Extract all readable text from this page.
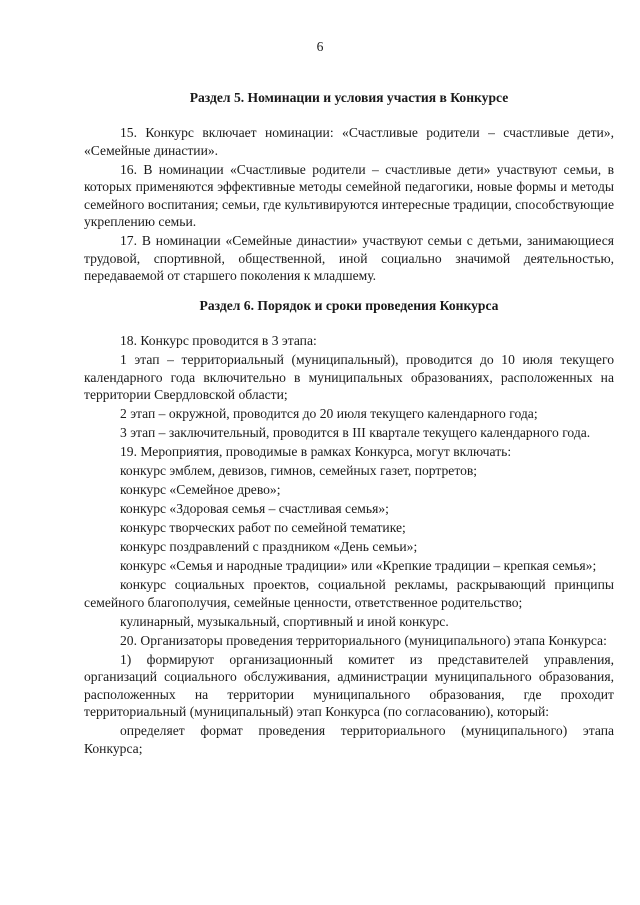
6
Раздел 5. Номинации и условия участия в Конкурсе

15. Конкурс включает номинации: «Счастливые родители – счастливые дети», «Семейные династии».

16. В номинации «Счастливые родители – счастливые дети» участвуют семьи, в которых применяются эффективные методы семейной педагогики, новые формы и методы семейного воспитания; семьи, где культивируются интересные традиции, способствующие укреплению семьи.

17. В номинации «Семейные династии» участвуют семьи с детьми, занимающиеся трудовой, спортивной, общественной, иной социально значимой деятельностью, передаваемой от старшего поколения к младшему.

Раздел 6. Порядок и сроки проведения Конкурса

18. Конкурс проводится в 3 этапа:

1 этап – территориальный (муниципальный), проводится до 10 июля текущего календарного года включительно в муниципальных образованиях, расположенных на территории Свердловской области;

2 этап – окружной, проводится до 20 июля текущего календарного года;

3 этап – заключительный, проводится в III квартале текущего календарного года.

19. Мероприятия, проводимые в рамках Конкурса, могут включать:

конкурс эмблем, девизов, гимнов, семейных газет, портретов;

конкурс «Семейное древо»;

конкурс «Здоровая семья – счастливая семья»;

конкурс творческих работ по семейной тематике;

конкурс поздравлений с праздником «День семьи»;

конкурс «Семья и народные традиции» или «Крепкие традиции – крепкая семья»;

конкурс социальных проектов, социальной рекламы, раскрывающий принципы семейного благополучия, семейные ценности, ответственное родительство;

кулинарный, музыкальный, спортивный и иной конкурс.

20. Организаторы проведения территориального (муниципального) этапа Конкурса:

1) формируют организационный комитет из представителей управления, организаций социального обслуживания, администрации муниципального образования, расположенных на территории муниципального образования, где проходит территориальный (муниципальный) этап Конкурса (по согласованию), который:

определяет формат проведения территориального (муниципального) этапа Конкурса;
